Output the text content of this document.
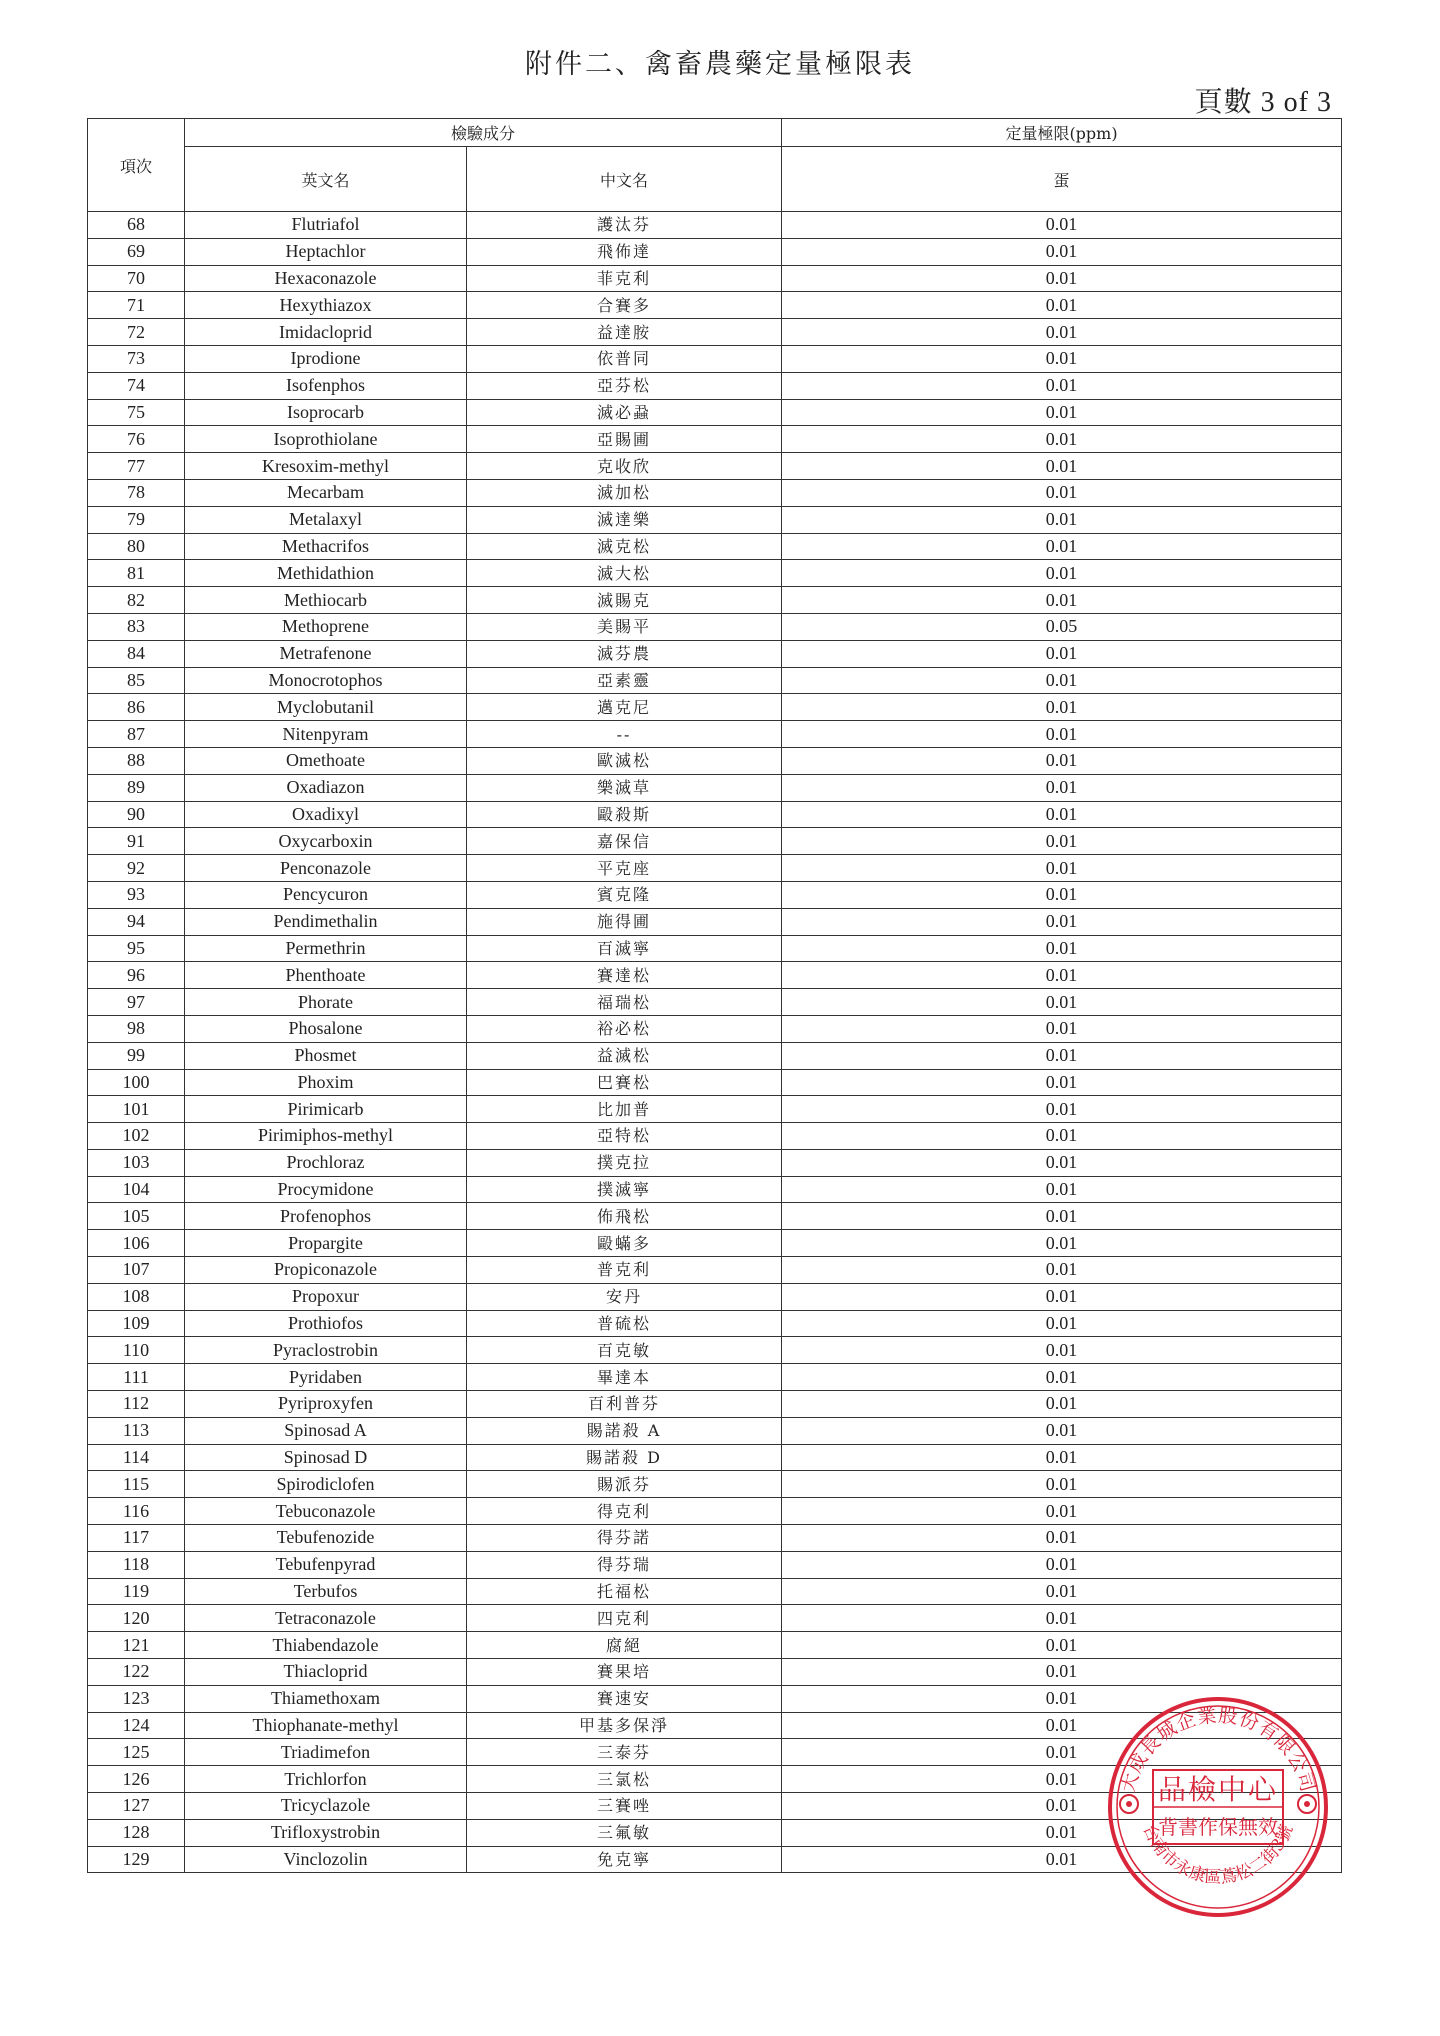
附件二、禽畜農藥定量極限表
頁數 3 of 3
項次	檢驗成分		定量極限(ppm)
	英文名	中文名	蛋
68	Flutriafol	護汰芬	0.01
69	Heptachlor	飛佈達	0.01
70	Hexaconazole	菲克利	0.01
71	Hexythiazox	合賽多	0.01
72	Imidacloprid	益達胺	0.01
73	Iprodione	依普同	0.01
74	Isofenphos	亞芬松	0.01
75	Isoprocarb	滅必蝨	0.01
76	Isoprothiolane	亞賜圃	0.01
77	Kresoxim-methyl	克收欣	0.01
78	Mecarbam	滅加松	0.01
79	Metalaxyl	滅達樂	0.01
80	Methacrifos	滅克松	0.01
81	Methidathion	滅大松	0.01
82	Methiocarb	滅賜克	0.01
83	Methoprene	美賜平	0.05
84	Metrafenone	滅芬農	0.01
85	Monocrotophos	亞素靈	0.01
86	Myclobutanil	邁克尼	0.01
87	Nitenpyram	--	0.01
88	Omethoate	歐滅松	0.01
89	Oxadiazon	樂滅草	0.01
90	Oxadixyl	毆殺斯	0.01
91	Oxycarboxin	嘉保信	0.01
92	Penconazole	平克座	0.01
93	Pencycuron	賓克隆	0.01
94	Pendimethalin	施得圃	0.01
95	Permethrin	百滅寧	0.01
96	Phenthoate	賽達松	0.01
97	Phorate	福瑞松	0.01
98	Phosalone	裕必松	0.01
99	Phosmet	益滅松	0.01
100	Phoxim	巴賽松	0.01
101	Pirimicarb	比加普	0.01
102	Pirimiphos-methyl	亞特松	0.01
103	Prochloraz	撲克拉	0.01
104	Procymidone	撲滅寧	0.01
105	Profenophos	佈飛松	0.01
106	Propargite	毆蟎多	0.01
107	Propiconazole	普克利	0.01
108	Propoxur	安丹	0.01
109	Prothiofos	普硫松	0.01
110	Pyraclostrobin	百克敏	0.01
111	Pyridaben	畢達本	0.01
112	Pyriproxyfen	百利普芬	0.01
113	Spinosad A	賜諾殺 A	0.01
114	Spinosad D	賜諾殺 D	0.01
115	Spirodiclofen	賜派芬	0.01
116	Tebuconazole	得克利	0.01
117	Tebufenozide	得芬諾	0.01
118	Tebufenpyrad	得芬瑞	0.01
119	Terbufos	托福松	0.01
120	Tetraconazole	四克利	0.01
121	Thiabendazole	腐絕	0.01
122	Thiacloprid	賽果培	0.01
123	Thiamethoxam	賽速安	0.01
124	Thiophanate-methyl	甲基多保淨	0.01
125	Triadimefon	三泰芬	0.01
126	Trichlorfon	三氯松	0.01
127	Tricyclazole	三賽唑	0.01
128	Trifloxystrobin	三氟敏	0.01
129	Vinclozolin	免克寧	0.01
大成長城企業股份有限公司
台南市永康區蔦松二街3號
品檢中心
背書作保無效
